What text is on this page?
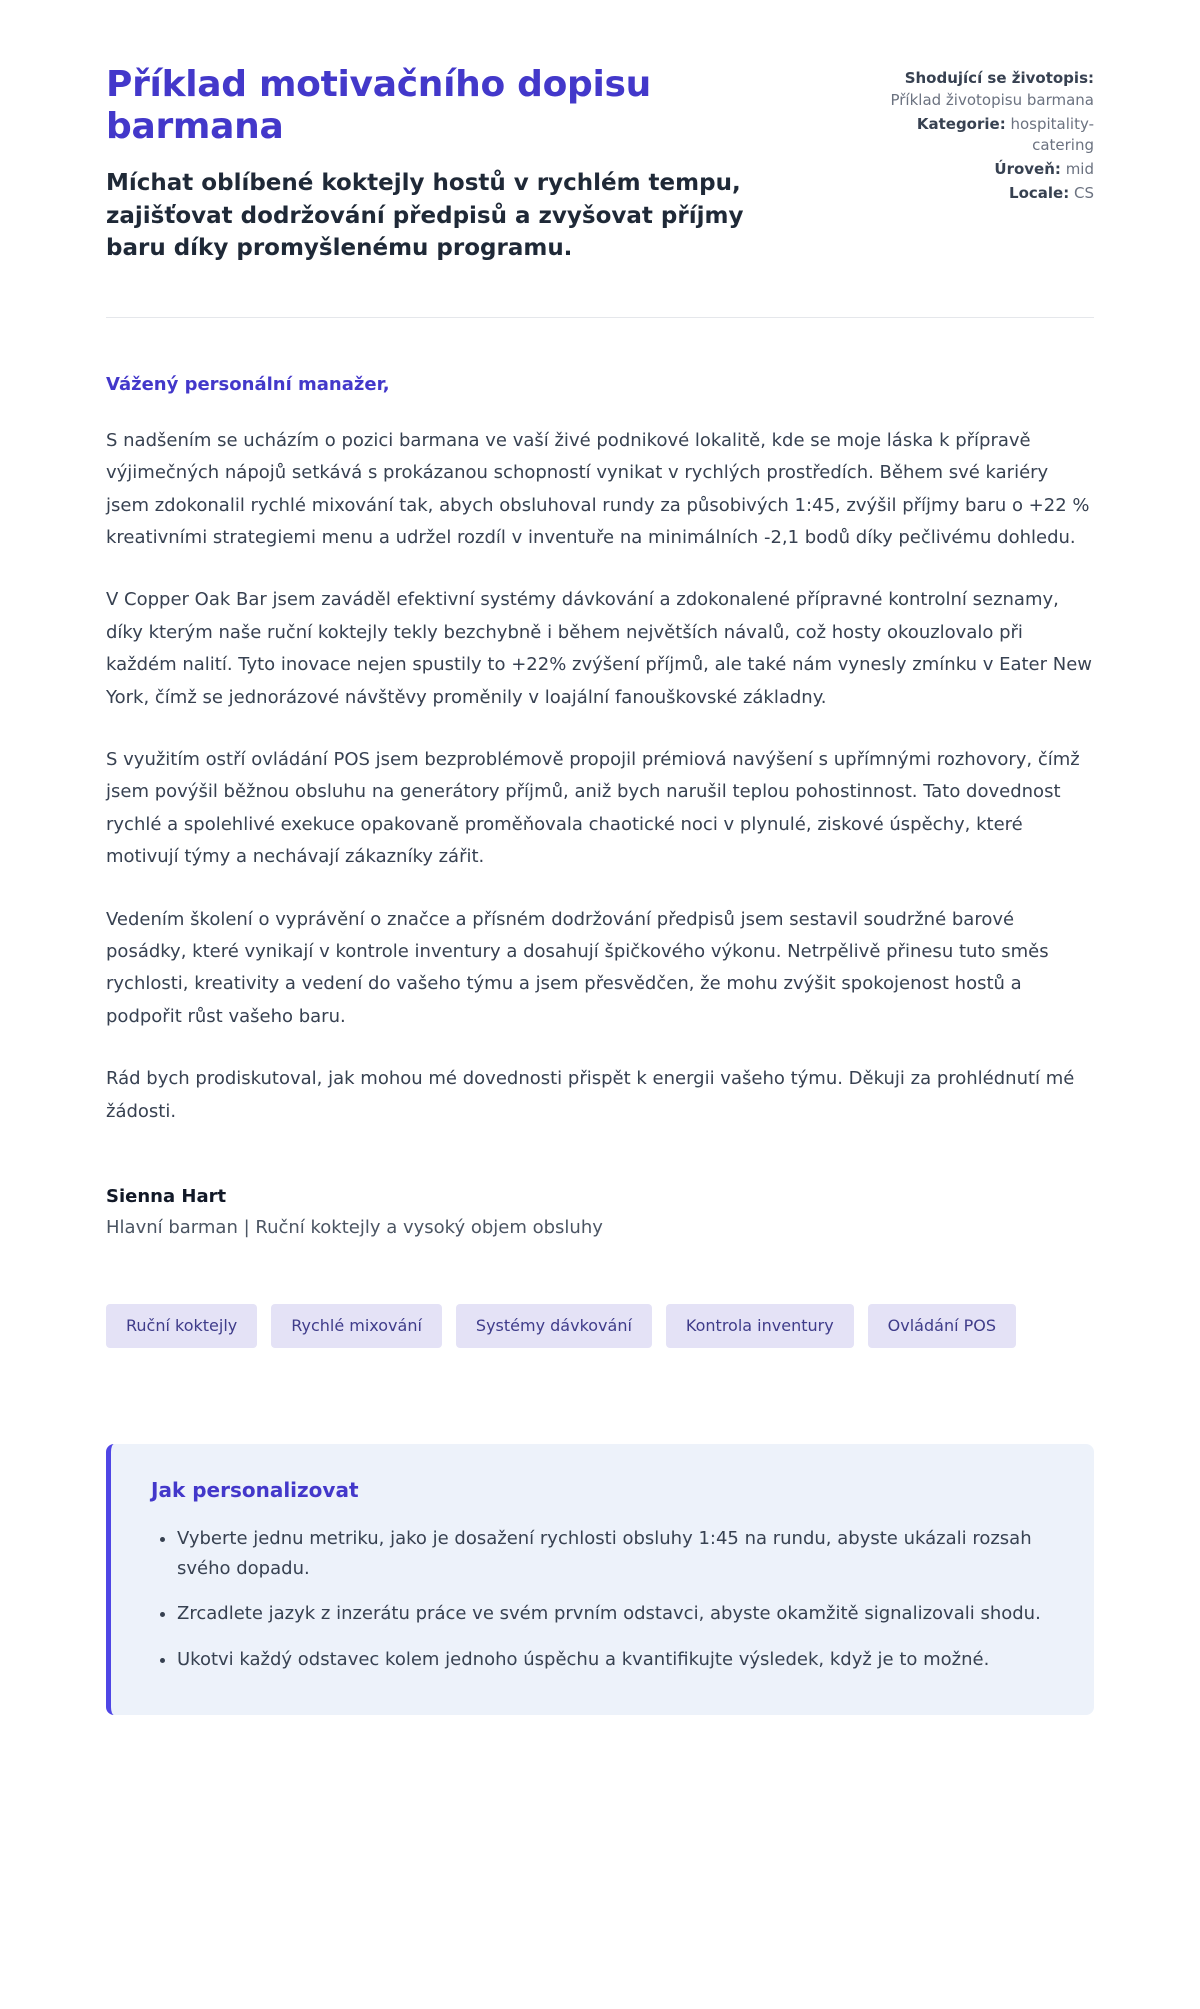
Příklad motivačního dopisu barmana

Míchat oblíbené koktejly hostů v rychlém tempu, zajišťovat dodržování předpisů a zvyšovat příjmy baru díky promyšlenému programu.

Shodující se životopis: Příklad životopisu barmana
Kategorie: hospitality-catering
Úroveň: mid
Locale: CS

Vážený personální manažer,

S nadšením se ucházím o pozici barmana ve vaší živé podnikové lokalitě, kde se moje láska k přípravě výjimečných nápojů setkává s prokázanou schopností vynikat v rychlých prostředích. Během své kariéry jsem zdokonalil rychlé mixování tak, abych obsluhoval rundy za působivých 1:45, zvýšil příjmy baru o +22 % kreativními strategiemi menu a udržel rozdíl v inventuře na minimálních -2,1 bodů díky pečlivému dohledu.

V Copper Oak Bar jsem zaváděl efektivní systémy dávkování a zdokonalené přípravné kontrolní seznamy, díky kterým naše ruční koktejly tekly bezchybně i během největších návalů, což hosty okouzlovalo při každém nalití. Tyto inovace nejen spustily to +22% zvýšení příjmů, ale také nám vynesly zmínku v Eater New York, čímž se jednorázové návštěvy proměnily v loajální fanouškovské základny.

S využitím ostří ovládání POS jsem bezproblémově propojil prémiová navýšení s upřímnými rozhovory, čímž jsem povýšil běžnou obsluhu na generátory příjmů, aniž bych narušil teplou pohostinnost. Tato dovednost rychlé a spolehlivé exekuce opakovaně proměňovala chaotické noci v plynulé, ziskové úspěchy, které motivují týmy a nechávají zákazníky zářit.

Vedením školení o vyprávění o značce a přísném dodržování předpisů jsem sestavil soudržné barové posádky, které vynikají v kontrole inventury a dosahují špičkového výkonu. Netrpělivě přinesu tuto směs rychlosti, kreativity a vedení do vašeho týmu a jsem přesvědčen, že mohu zvýšit spokojenost hostů a podpořit růst vašeho baru.

Rád bych prodiskutoval, jak mohou mé dovednosti přispět k energii vašeho týmu. Děkuji za prohlédnutí mé žádosti.

Sienna Hart

Hlavní barman | Ruční koktejly a vysoký objem obsluhy

Ruční koktejly	Rychlé mixování	Systémy dávkování	Kontrola inventury	Ovládání POS
Jak personalizovat
• Vyberte jednu metriku, jako je dosažení rychlosti obsluhy 1:45 na rundu, abyste ukázali rozsah svého dopadu.
• Zrcadlete jazyk z inzerátu práce ve svém prvním odstavci, abyste okamžitě signalizovali shodu.
• Ukotvi každý odstavec kolem jednoho úspěchu a kvantifikujte výsledek, když je to možné.
